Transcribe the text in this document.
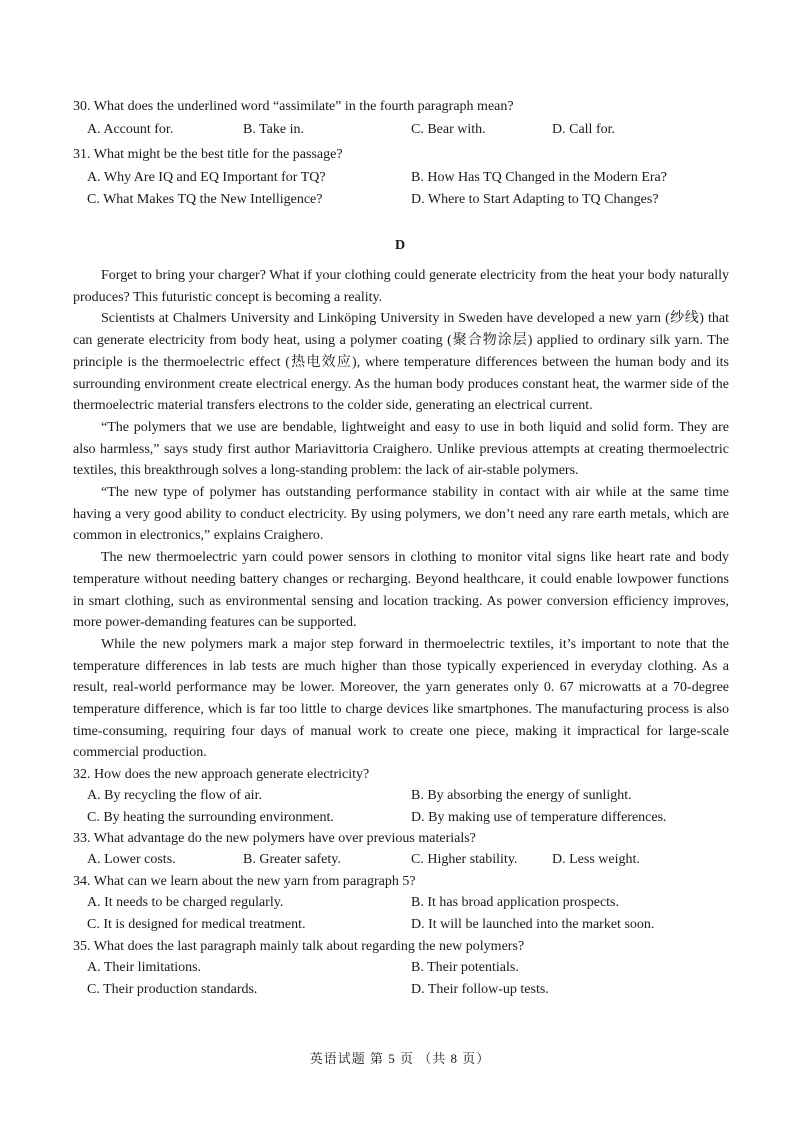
30. What does the underlined word “assimilate” in the fourth paragraph mean?
A. Account for.	B. Take in.	C. Bear with.	D. Call for.
31. What might be the best title for the passage?
A. Why Are IQ and EQ Important for TQ?	B. How Has TQ Changed in the Modern Era?
C. What Makes TQ the New Intelligence?	D. Where to Start Adapting to TQ Changes?
D

Forget to bring your charger? What if your clothing could generate electricity from the heat your body naturally produces? This futuristic concept is becoming a reality.

Scientists at Chalmers University and Linköping University in Sweden have developed a new yarn (纱线) that can generate electricity from body heat, using a polymer coating (聚合物涂层) applied to ordinary silk yarn. The principle is the thermoelectric effect (热电效应), where temperature differences between the human body and its surrounding environment create electrical energy. As the human body produces constant heat, the warmer side of the thermoelectric material transfers electrons to the colder side, generating an electrical current.

“The polymers that we use are bendable, lightweight and easy to use in both liquid and solid form. They are also harmless,” says study first author Mariavittoria Craighero. Unlike previous attempts at creating thermoelectric textiles, this breakthrough solves a long-standing problem: the lack of air-stable polymers.

“The new type of polymer has outstanding performance stability in contact with air while at the same time having a very good ability to conduct electricity. By using polymers, we don’t need any rare earth metals, which are common in electronics,” explains Craighero.

The new thermoelectric yarn could power sensors in clothing to monitor vital signs like heart rate and body temperature without needing battery changes or recharging. Beyond healthcare, it could enable lowpower functions in smart clothing, such as environmental sensing and location tracking. As power conversion efficiency improves, more power-demanding features can be supported.

While the new polymers mark a major step forward in thermoelectric textiles, it’s important to note that the temperature differences in lab tests are much higher than those typically experienced in everyday clothing. As a result, real-world performance may be lower. Moreover, the yarn generates only 0. 67 microwatts at a 70-degree temperature difference, which is far too little to charge devices like smartphones. The manufacturing process is also time-consuming, requiring four days of manual work to create one piece, making it impractical for large-scale commercial production.

32. How does the new approach generate electricity?
A. By recycling the flow of air.	B. By absorbing the energy of sunlight.
C. By heating the surrounding environment.	D. By making use of temperature differences.
33. What advantage do the new polymers have over previous materials?
A. Lower costs.	B. Greater safety.	C. Higher stability. D. Less weight.
34. What can we learn about the new yarn from paragraph 5?
A. It needs to be charged regularly.	B. It has broad application prospects.
C. It is designed for medical treatment.	D. It will be launched into the market soon.
35. What does the last paragraph mainly talk about regarding the new polymers?
A. Their limitations.	B. Their potentials.
C. Their production standards.	D. Their follow-up tests.
英语试题 第 5 页 （共 8 页）
